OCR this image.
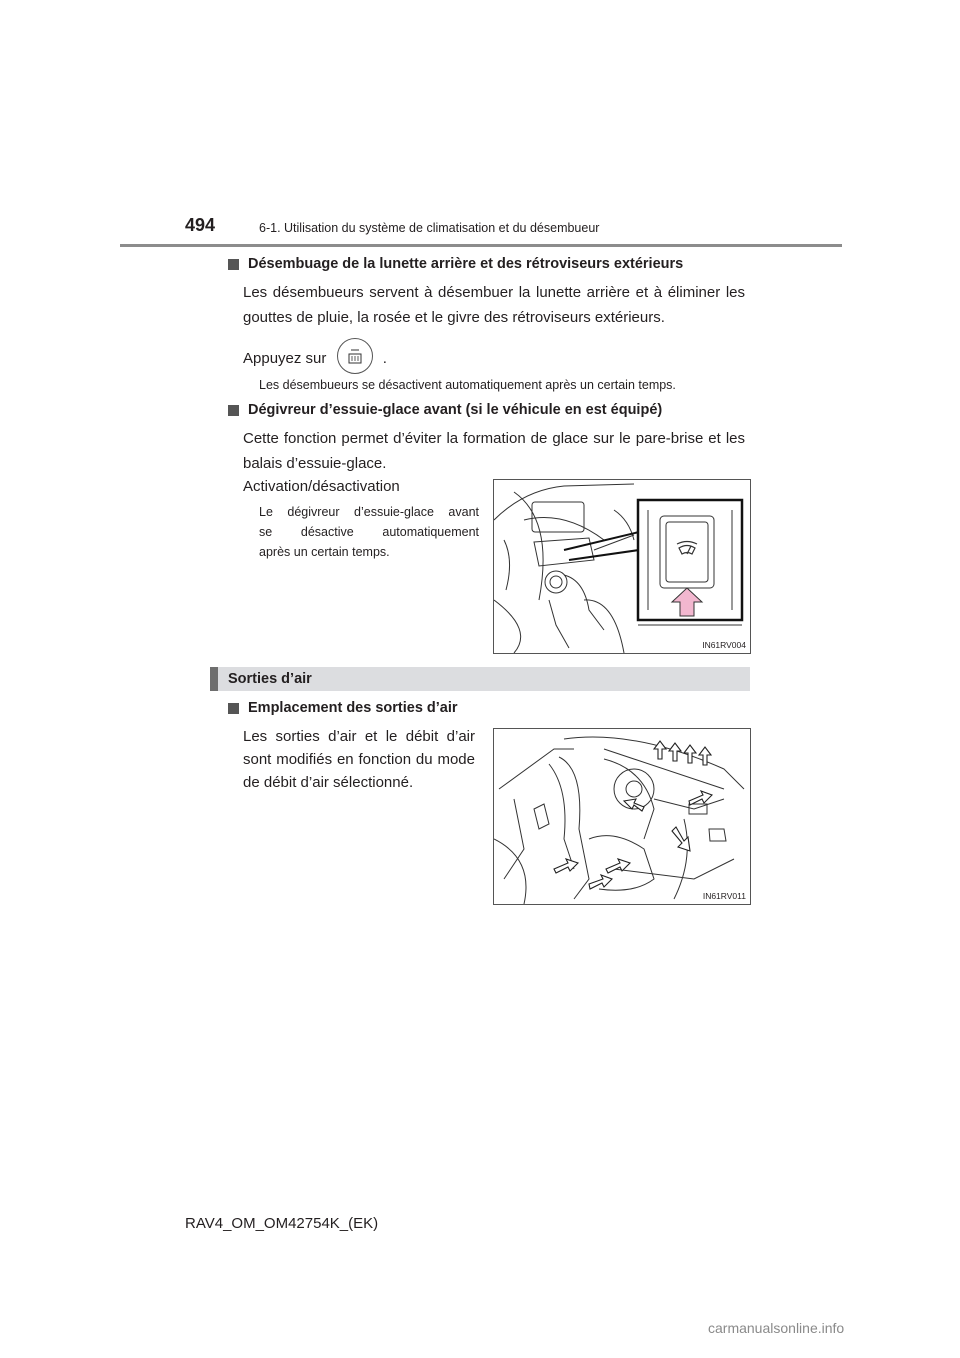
494	6-1. Utilisation du système de climatisation et du désembueur
Désembuage de la lunette arrière et des rétroviseurs extérieurs
Les désembueurs servent à désembuer la lunette arrière et à éliminer les
gouttes de pluie, la rosée et le givre des rétroviseurs extérieurs.
Appuyez sur	.
Les désembueurs se désactivent automatiquement après un certain temps.
Dégivreur d’essuie-glace avant (si le véhicule en est équipé)
Cette fonction permet d’éviter la formation de glace sur le pare-brise et les
balais d’essuie-glace.
Activation/désactivation
Le dégivreur d’essuie-glace avant
se désactive automatiquement
après un certain temps.
IN61RV004
Sorties d’air
Emplacement des sorties d’air
Les sorties d’air et le débit d’air
sont modifiés en fonction du mode
de débit d’air sélectionné.
IN61RV011
RAV4_OM_OM42754K_(EK)
carmanualsonline.info
